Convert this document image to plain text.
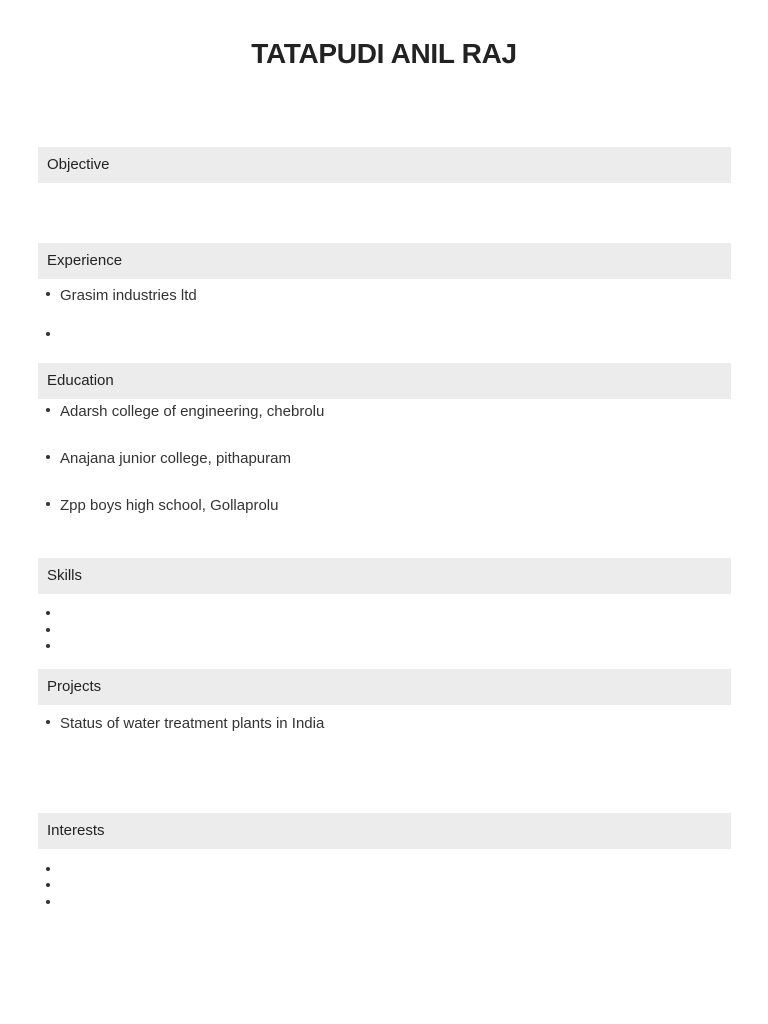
TATAPUDI ANIL RAJ
Objective
Experience
Grasim industries ltd
Education
Adarsh college of engineering, chebrolu
Anajana junior college, pithapuram
Zpp boys high school, Gollaprolu
Skills
Projects
Status of water treatment plants in India
Interests
